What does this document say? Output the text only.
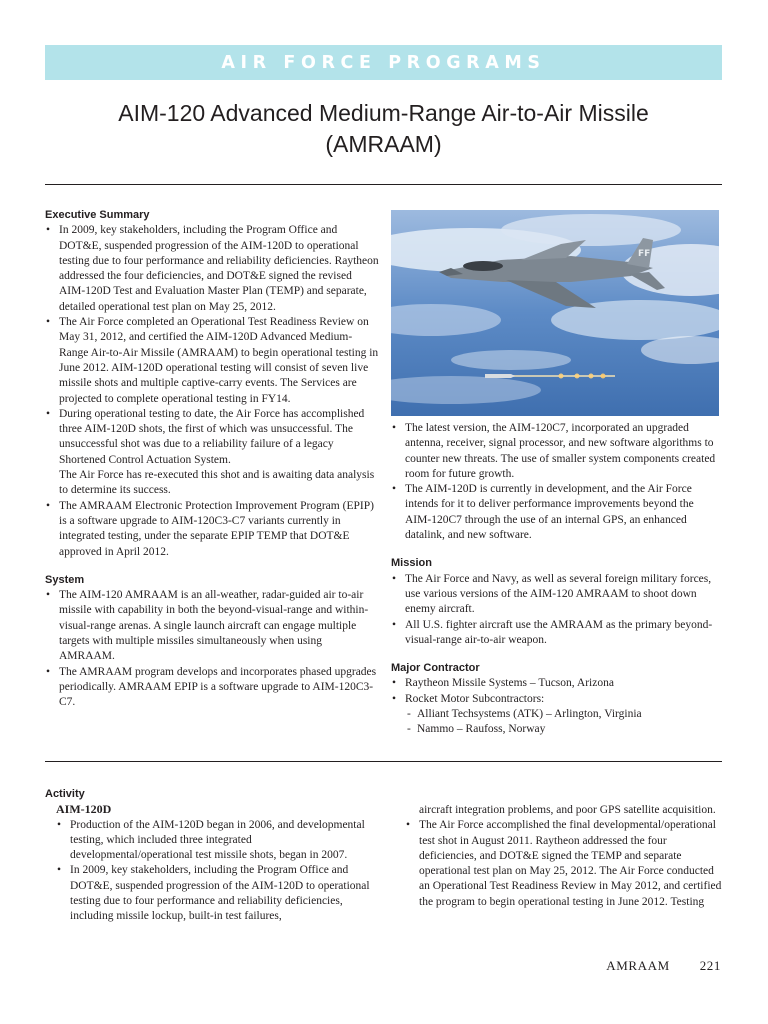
AIR FORCE PROGRAMS
AIM-120 Advanced Medium-Range Air-to-Air Missile
(AMRAAM)
Executive Summary
• In 2009, key stakeholders, including the Program Office and DOT&E, suspended progression of the AIM-120D to operational testing due to four performance and reliability deficiencies. Raytheon addressed the four deficiencies, and DOT&E signed the revised AIM-120D Test and Evaluation Master Plan (TEMP) and separate, detailed operational test plan on May 25, 2012.
• The Air Force completed an Operational Test Readiness Review on May 31, 2012, and certified the AIM-120D Advanced Medium-Range Air-to-Air Missile (AMRAAM) to begin operational testing in June 2012. AIM-120D operational testing will consist of seven live missile shots and multiple captive-carry events. The Services are projected to complete operational testing in FY14.
• During operational testing to date, the Air Force has accomplished three AIM-120D shots, the first of which was unsuccessful. The unsuccessful shot was due to a reliability failure of a legacy Shortened Control Actuation System.
The Air Force has re-executed this shot and is awaiting data analysis to determine its success.
• The AMRAAM Electronic Protection Improvement Program (EPIP) is a software upgrade to AIM-120C3-C7 variants currently in integrated testing, under the separate EPIP TEMP that DOT&E approved in April 2012.
System
• The AIM-120 AMRAAM is an all-weather, radar-guided air to-air missile with capability in both the beyond-visual-range and within-visual-range arenas. A single launch aircraft can engage multiple targets with multiple missiles simultaneously when using AMRAAM.
• The AMRAAM program develops and incorporates phased upgrades periodically. AMRAAM EPIP is a software upgrade to AIM-120C3-C7.
FF
• The latest version, the AIM-120C7, incorporated an upgraded antenna, receiver, signal processor, and new software algorithms to counter new threats. The use of smaller system components created room for future growth.
• The AIM-120D is currently in development, and the Air Force intends for it to deliver performance improvements beyond the AIM-120C7 through the use of an internal GPS, an enhanced datalink, and new software.
Mission
• The Air Force and Navy, as well as several foreign military forces, use various versions of the AIM-120 AMRAAM to shoot down enemy aircraft.
• All U.S. fighter aircraft use the AMRAAM as the primary beyond-visual-range air-to-air weapon.
Major Contractor
• Raytheon Missile Systems – Tucson, Arizona
• Rocket Motor Subcontractors:
- Alliant Techsystems (ATK) – Arlington, Virginia
- Nammo – Raufoss, Norway
Activity
AIM-120D
• Production of the AIM-120D began in 2006, and developmental testing, which included three integrated developmental/operational test missile shots, began in 2007.
• In 2009, key stakeholders, including the Program Office and DOT&E, suspended progression of the AIM-120D to operational testing due to four performance and reliability deficiencies, including missile lockup, built-in test failures,

aircraft integration problems, and poor GPS satellite acquisition.

• The Air Force accomplished the final developmental/operational test shot in August 2011. Raytheon addressed the four deficiencies, and DOT&E signed the TEMP and separate operational test plan on May 25, 2012. The Air Force conducted an Operational Test Readiness Review in May 2012, and certified the program to begin operational testing in June 2012. Testing
AMRAAM 221
